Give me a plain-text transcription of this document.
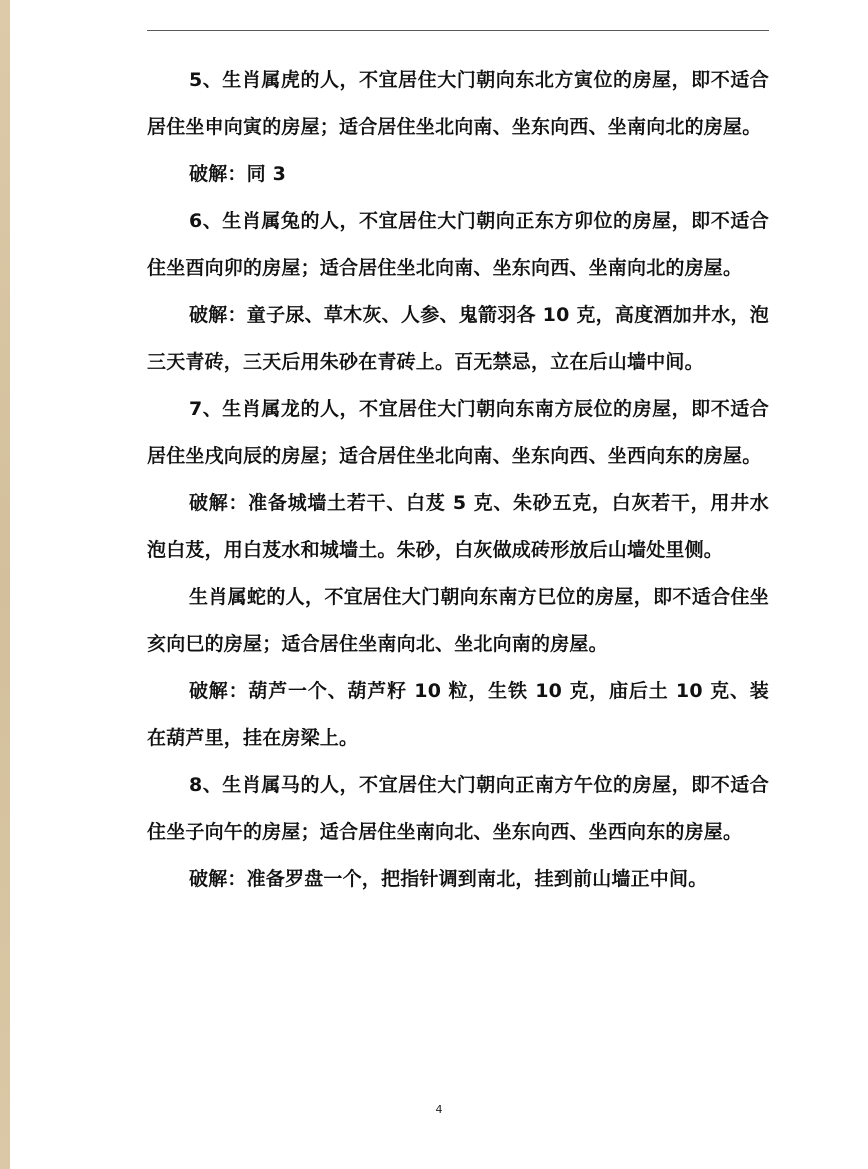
5、生肖属虎的人，不宜居住大门朝向东北方寅位的房屋，即不适合居住坐申向寅的房屋；适合居住坐北向南、坐东向西、坐南向北的房屋。

破解：同 3

6、生肖属兔的人，不宜居住大门朝向正东方卯位的房屋，即不适合住坐酉向卯的房屋；适合居住坐北向南、坐东向西、坐南向北的房屋。

破解：童子尿、草木灰、人参、鬼箭羽各 10 克，高度酒加井水，泡三天青砖，三天后用朱砂在青砖上。百无禁忌，立在后山墙中间。

7、生肖属龙的人，不宜居住大门朝向东南方辰位的房屋，即不适合居住坐戌向辰的房屋；适合居住坐北向南、坐东向西、坐西向东的房屋。

破解：准备城墙土若干、白芨 5 克、朱砂五克，白灰若干，用井水泡白芨，用白芨水和城墙土。朱砂，白灰做成砖形放后山墙处里侧。

生肖属蛇的人，不宜居住大门朝向东南方巳位的房屋，即不适合住坐亥向巳的房屋；适合居住坐南向北、坐北向南的房屋。

破解：葫芦一个、葫芦籽 10 粒，生铁 10 克，庙后土 10 克、装在葫芦里，挂在房梁上。

8、生肖属马的人，不宜居住大门朝向正南方午位的房屋，即不适合住坐子向午的房屋；适合居住坐南向北、坐东向西、坐西向东的房屋。

破解：准备罗盘一个，把指针调到南北，挂到前山墙正中间。

4
